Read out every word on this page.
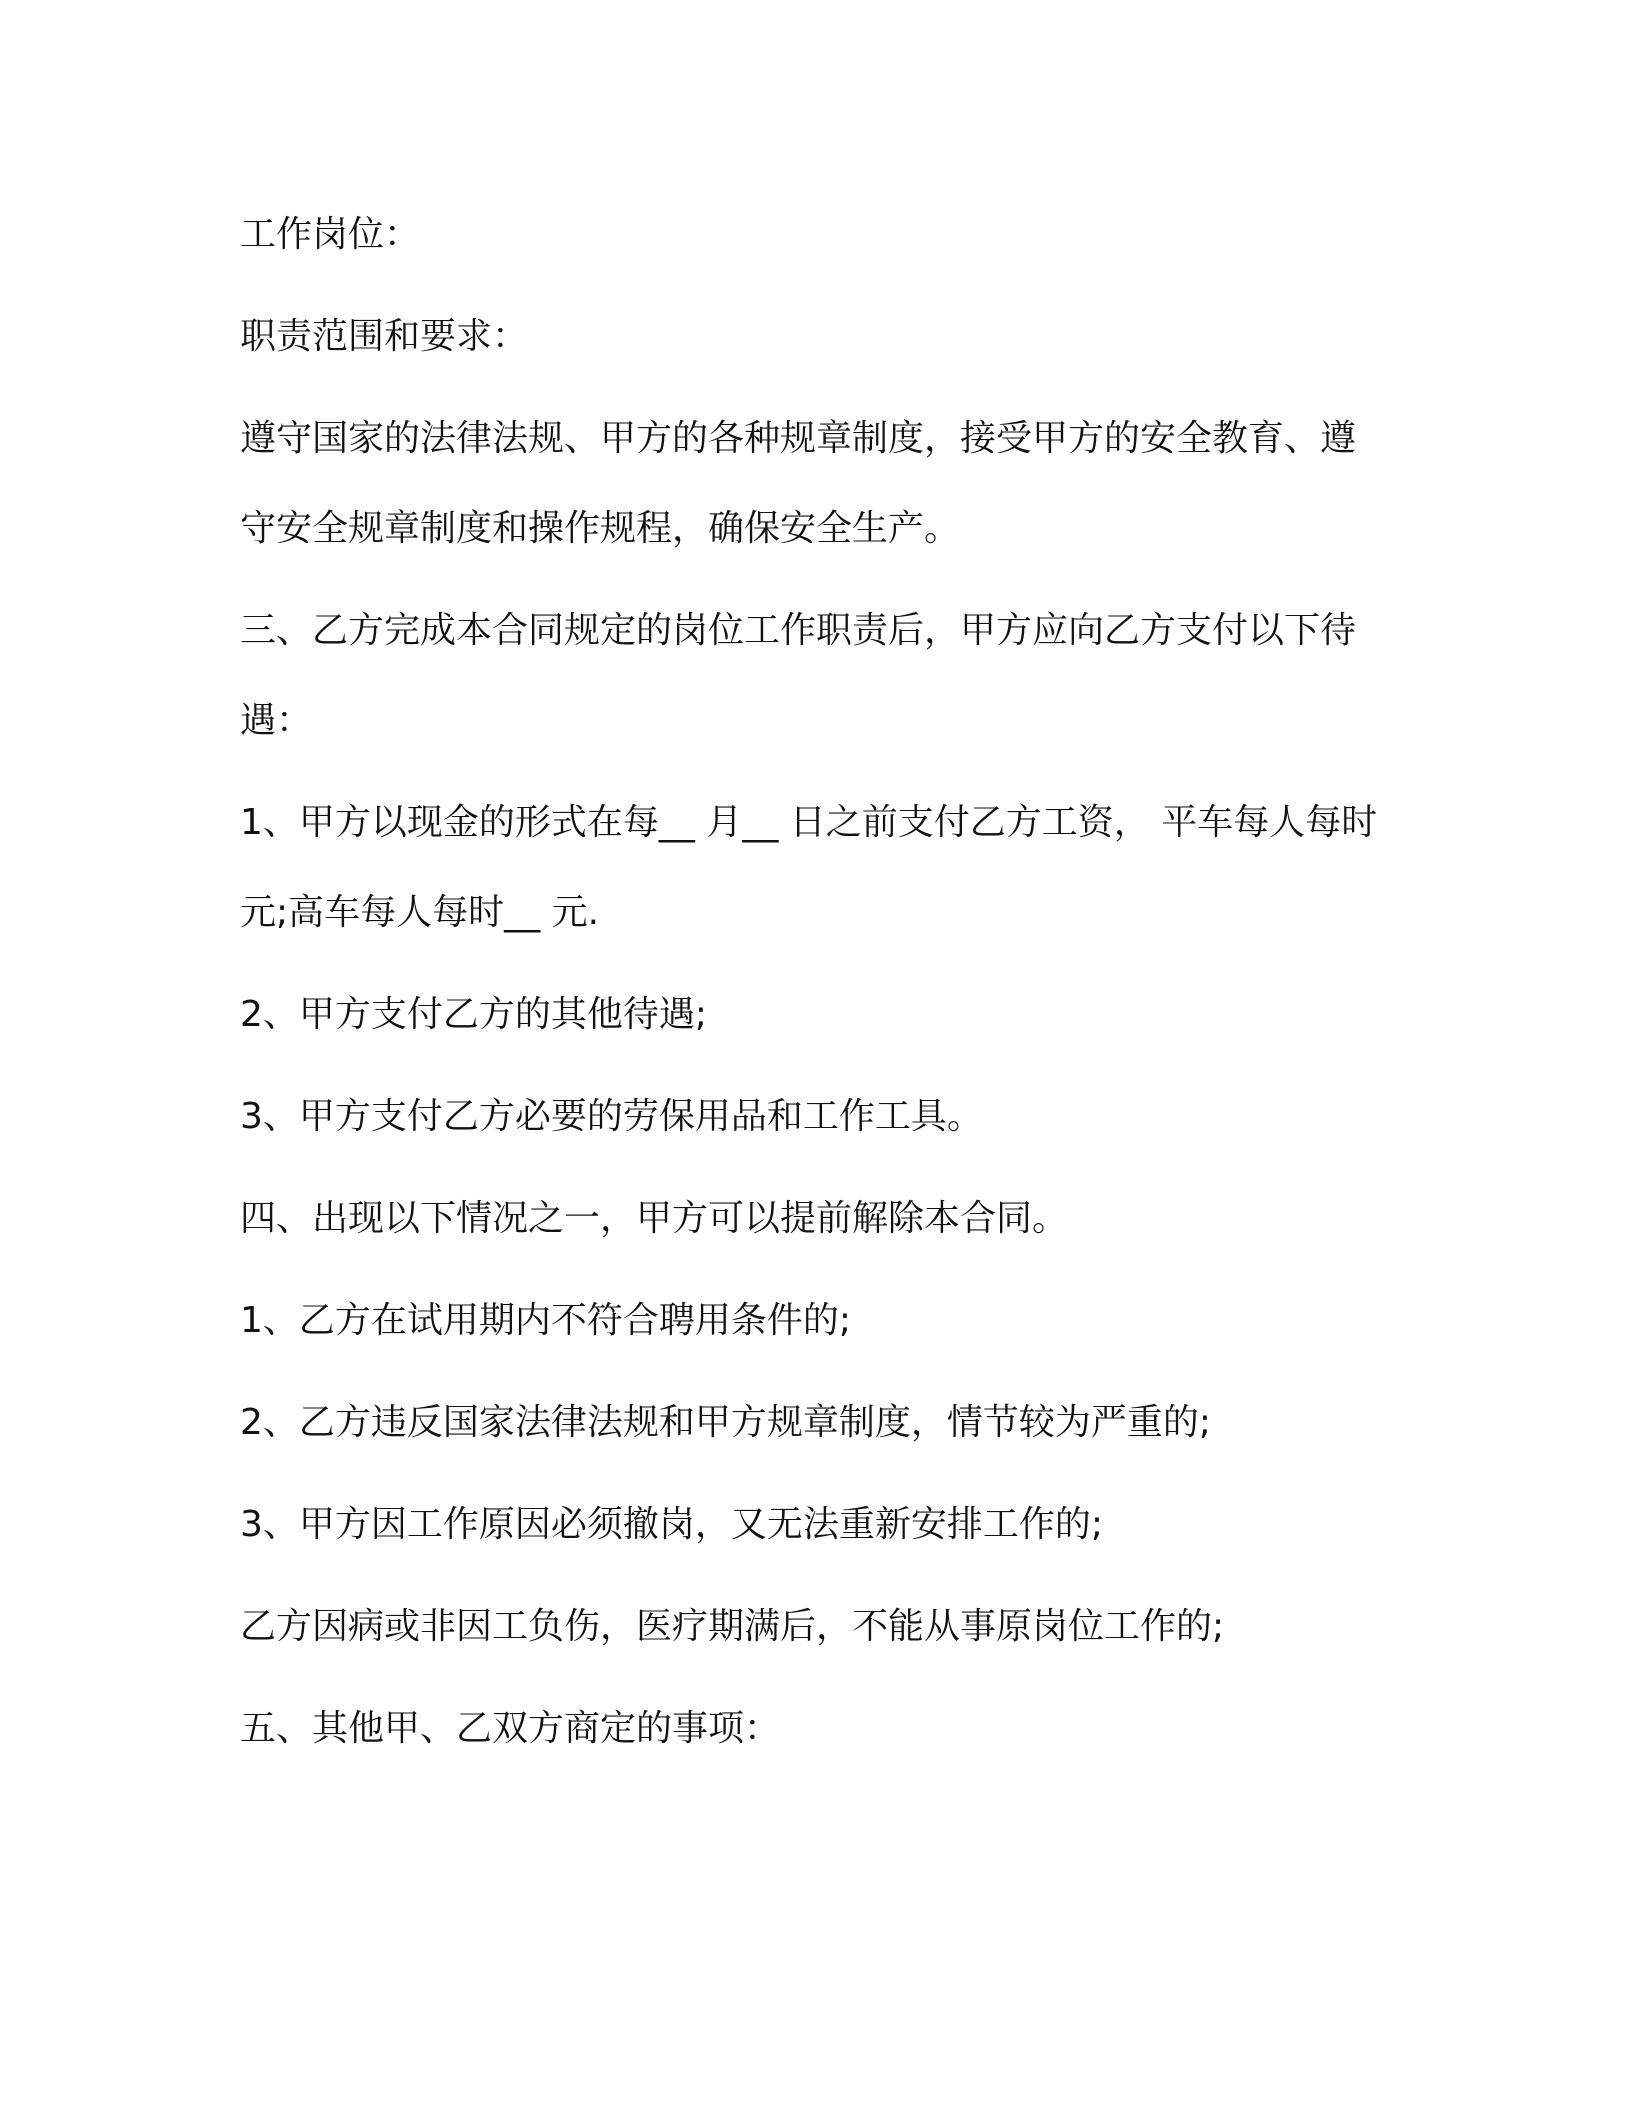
工作岗位：

职责范围和要求：

遵守国家的法律法规、甲方的各种规章制度，接受甲方的安全教育、遵守安全规章制度和操作规程，确保安全生产。

三、乙方完成本合同规定的岗位工作职责后，甲方应向乙方支付以下待遇：

1、甲方以现金的形式在每__ 月__ 日之前支付乙方工资， 平车每人每时 元;高车每人每时__ 元.

2、甲方支付乙方的其他待遇;

3、甲方支付乙方必要的劳保用品和工作工具。

四、出现以下情况之一，甲方可以提前解除本合同。

1、乙方在试用期内不符合聘用条件的;

2、乙方违反国家法律法规和甲方规章制度，情节较为严重的;

3、甲方因工作原因必须撤岗，又无法重新安排工作的;

乙方因病或非因工负伤，医疗期满后，不能从事原岗位工作的;

五、其他甲、乙双方商定的事项：
